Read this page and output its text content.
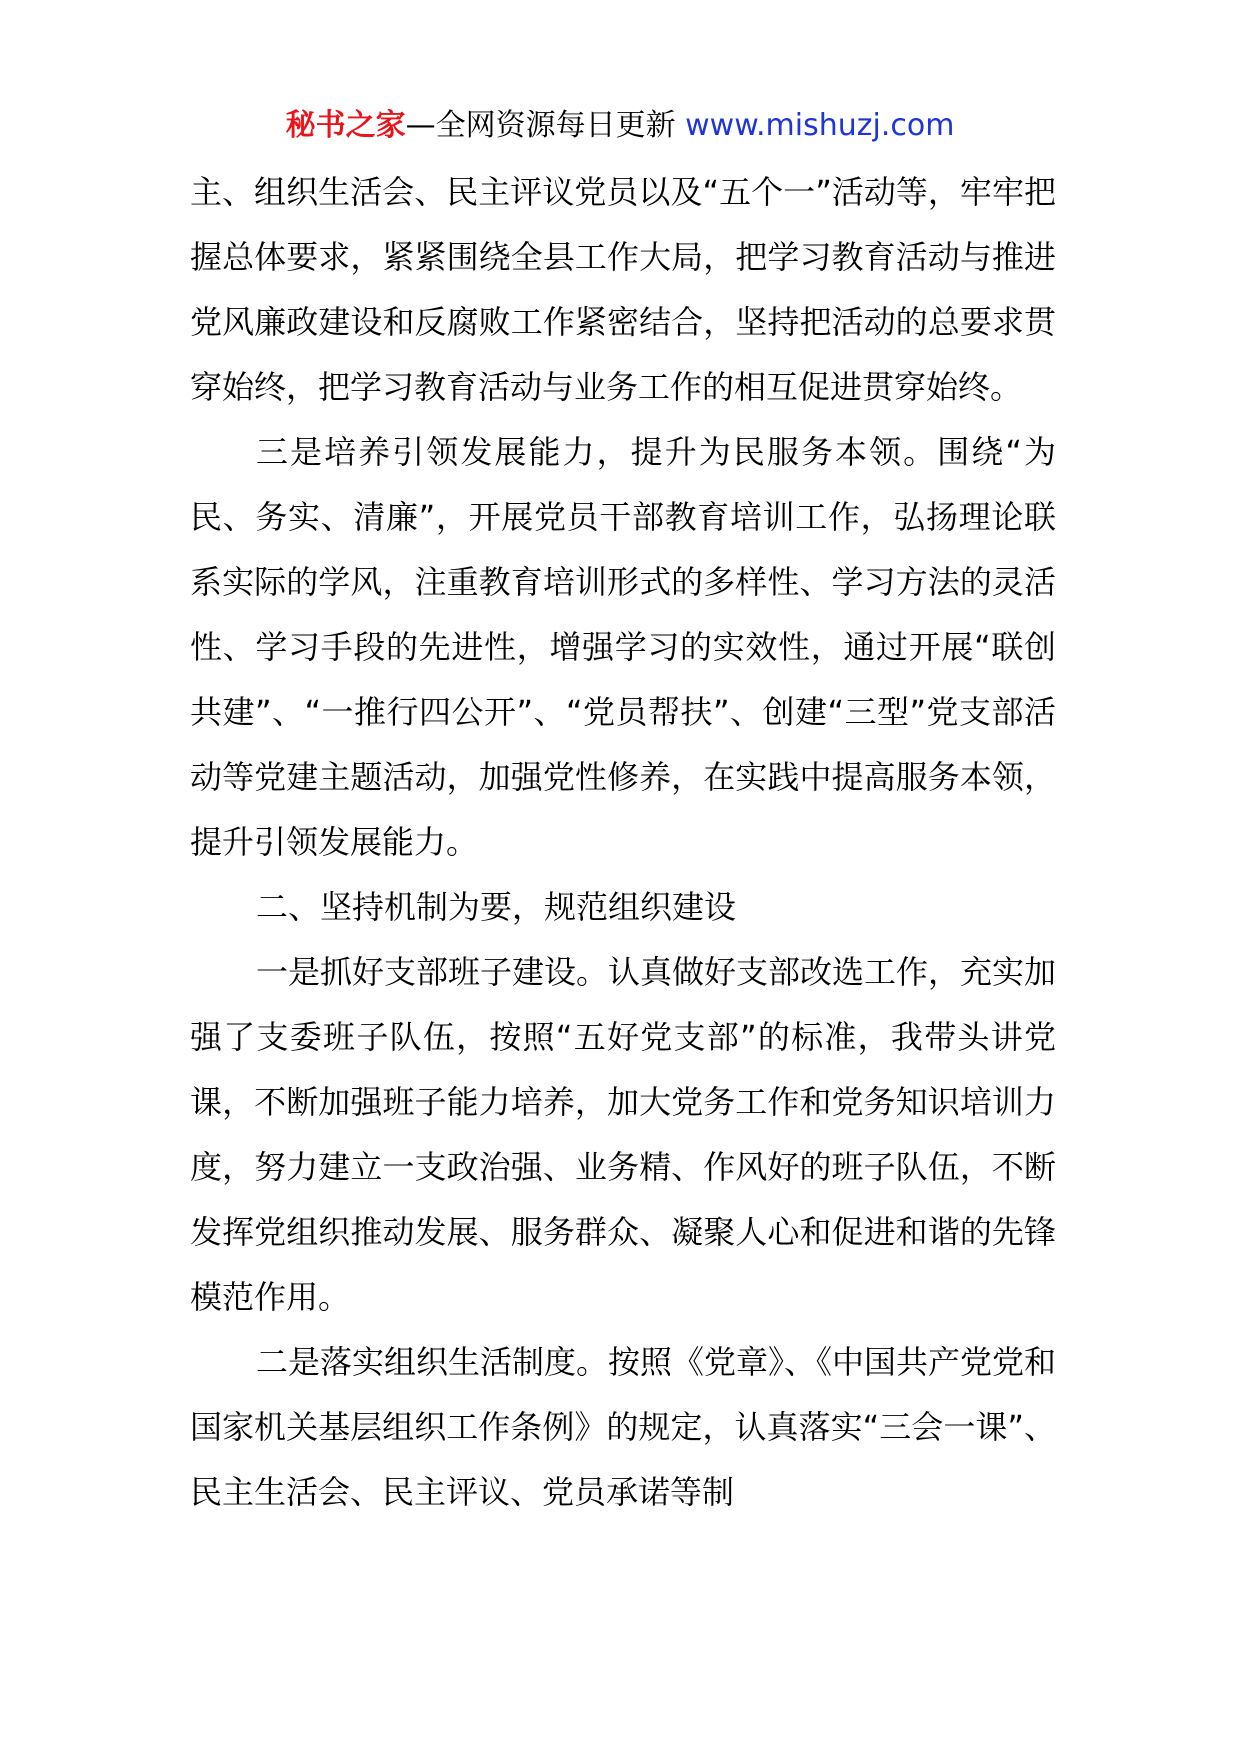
秘书之家—全网资源每日更新 www.mishuzj.com

主、组织生活会、民主评议党员以及“五个一”活动等，牢牢把握总体要求，紧紧围绕全县工作大局，把学习教育活动与推进党风廉政建设和反腐败工作紧密结合，坚持把活动的总要求贯穿始终，把学习教育活动与业务工作的相互促进贯穿始终。

三是培养引领发展能力，提升为民服务本领。围绕“为民、务实、清廉”，开展党员干部教育培训工作，弘扬理论联系实际的学风，注重教育培训形式的多样性、学习方法的灵活性、学习手段的先进性，增强学习的实效性，通过开展“联创共建”、“一推行四公开”、“党员帮扶”、创建“三型”党支部活动等党建主题活动，加强党性修养，在实践中提高服务本领，提升引领发展能力。

二、坚持机制为要，规范组织建设

一是抓好支部班子建设。认真做好支部改选工作，充实加强了支委班子队伍，按照“五好党支部”的标准，我带头讲党课，不断加强班子能力培养，加大党务工作和党务知识培训力度，努力建立一支政治强、业务精、作风好的班子队伍，不断发挥党组织推动发展、服务群众、凝聚人心和促进和谐的先锋模范作用。

二是落实组织生活制度。按照《党章》、《中国共产党党和国家机关基层组织工作条例》的规定，认真落实“三会一课”、民主生活会、民主评议、党员承诺等制
